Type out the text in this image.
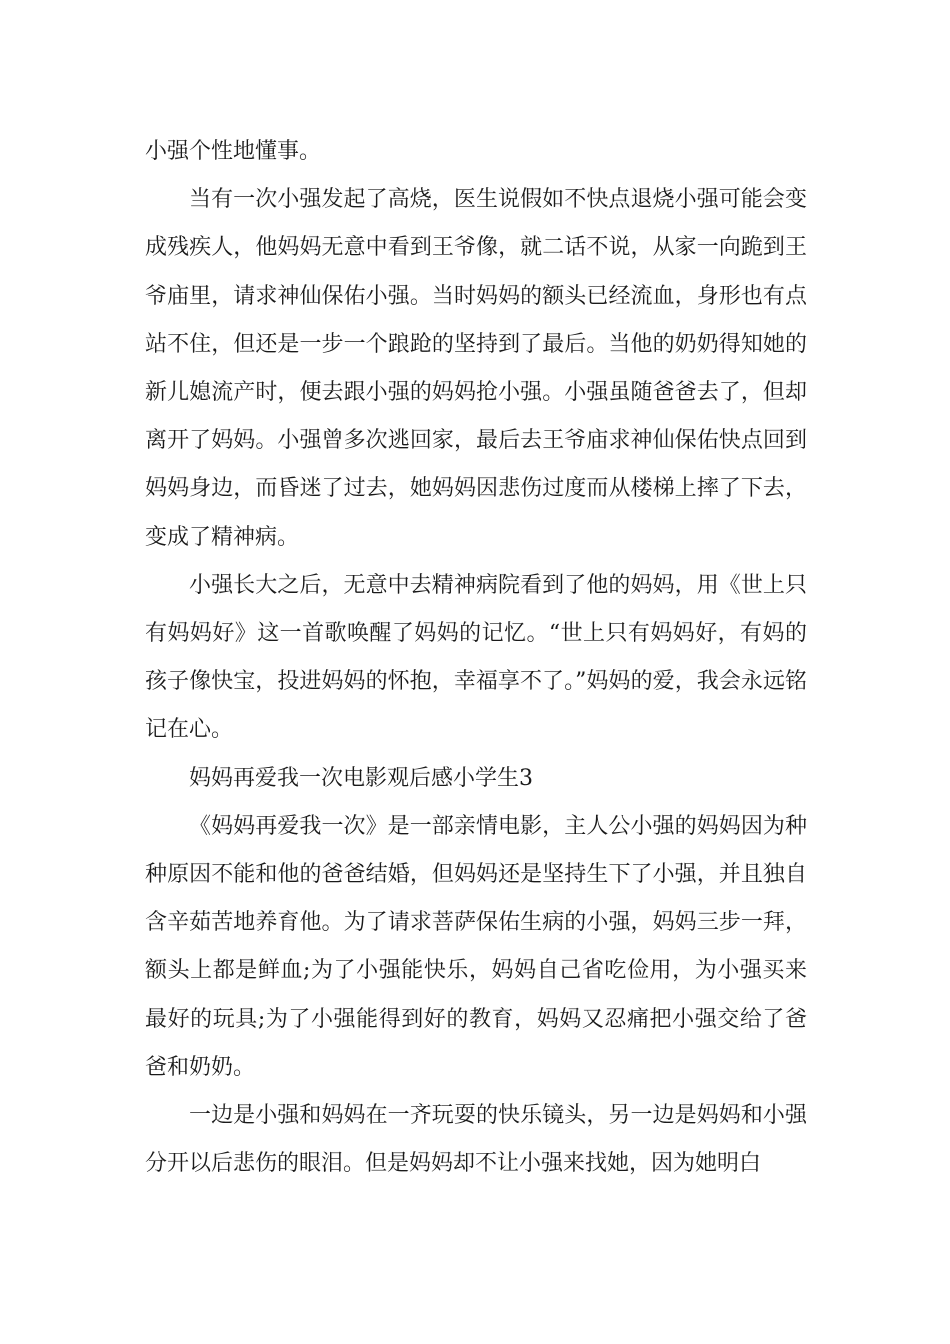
小强个性地懂事。

当有一次小强发起了高烧，医生说假如不快点退烧小强可能会变成残疾人，他妈妈无意中看到王爷像，就二话不说，从家一向跪到王爷庙里，请求神仙保佑小强。当时妈妈的额头已经流血，身形也有点站不住，但还是一步一个踉跄的坚持到了最后。当他的奶奶得知她的新儿媳流产时，便去跟小强的妈妈抢小强。小强虽随爸爸去了，但却离开了妈妈。小强曾多次逃回家，最后去王爷庙求神仙保佑快点回到妈妈身边，而昏迷了过去，她妈妈因悲伤过度而从楼梯上摔了下去，变成了精神病。

小强长大之后，无意中去精神病院看到了他的妈妈，用《世上只有妈妈好》这一首歌唤醒了妈妈的记忆。“世上只有妈妈好，有妈的孩子像快宝，投进妈妈的怀抱，幸福享不了。”妈妈的爱，我会永远铭记在心。

妈妈再爱我一次电影观后感小学生3

《妈妈再爱我一次》是一部亲情电影，主人公小强的妈妈因为种种原因不能和他的爸爸结婚，但妈妈还是坚持生下了小强，并且独自含辛茹苦地养育他。为了请求菩萨保佑生病的小强，妈妈三步一拜，额头上都是鲜血;为了小强能快乐，妈妈自己省吃俭用，为小强买来最好的玩具;为了小强能得到好的教育，妈妈又忍痛把小强交给了爸爸和奶奶。

一边是小强和妈妈在一齐玩耍的快乐镜头，另一边是妈妈和小强分开以后悲伤的眼泪。但是妈妈却不让小强来找她，因为她明白
